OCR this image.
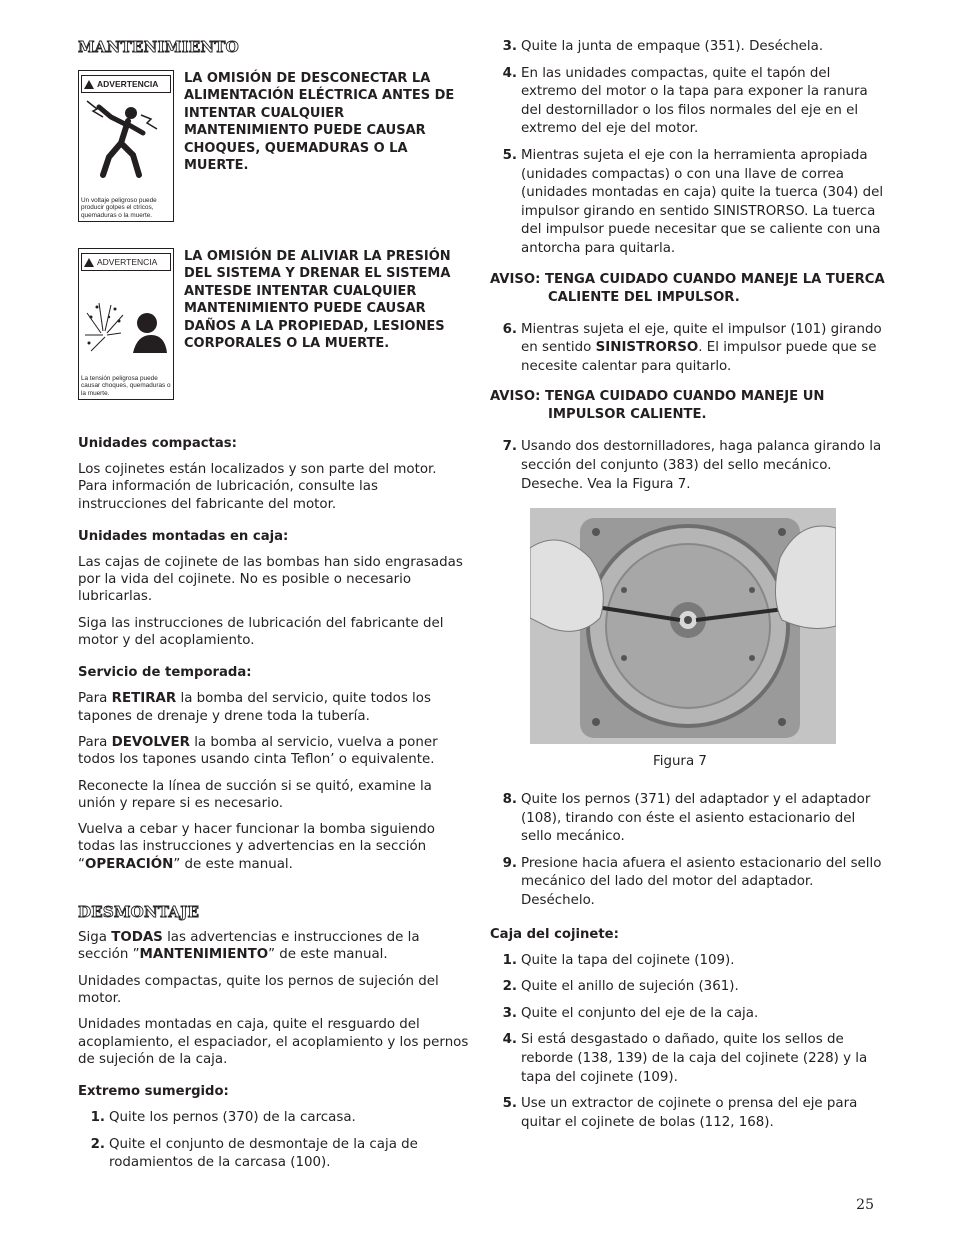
MANTENIMIENTO
ADVERTENCIA
Un voltaje peligroso puede producir golpes el ctricos, quemaduras o la muerte.
LA OMISIÓN DE DESCONECTAR LA ALIMENTACIÓN ELÉCTRICA ANTES DE INTENTAR CUALQUIER MANTENIMIENTO PUEDE CAUSAR CHOQUES, QUEMADURAS O LA MUERTE.
ADVERTENCIA
La tensión peligrosa puede causar choques, quemaduras o la muerte.
LA OMISIÓN DE ALIVIAR LA PRESIÓN DEL SISTEMA Y DRENAR EL SISTEMA ANTESDE INTENTAR CUALQUIER MANTENIMIENTO PUEDE CAUSAR DAÑOS A LA PROPIEDAD, LESIONES CORPORALES O LA MUERTE.
Unidades compactas:

Los cojinetes están localizados y son parte del motor. Para información de lubricación, consulte las instrucciones del fabricante del motor.

Unidades montadas en caja:

Las cajas de cojinete de las bombas han sido engrasadas por la vida del cojinete. No es posible o necesario lubricarlas.

Siga las instrucciones de lubricación del fabricante del motor y del acoplamiento.

Servicio de temporada:

Para RETIRAR la bomba del servicio, quite todos los tapones de drenaje y drene toda la tubería.

Para DEVOLVER la bomba al servicio, vuelva a poner todos los tapones usando cinta Teflon’ o equivalente.

Reconecte la línea de succión si se quitó, examine la unión y repare si es necesario.

Vuelva a cebar y hacer funcionar la bomba siguiendo todas las instrucciones y advertencias en la sección “OPERACIÓN” de este manual.

DESMONTAJE

Siga TODAS las advertencias e instrucciones de la sección ”MANTENIMIENTO” de este manual.

Unidades compactas, quite los pernos de sujeción del motor.

Unidades montadas en caja, quite el resguardo del acoplamiento, el espaciador, el acoplamiento y los pernos de sujeción de la caja.

Extremo sumergido:
1. Quite los pernos (370) de la carcasa.
2. Quite el conjunto de desmontaje de la caja de rodamientos de la carcasa (100).
3. Quite la junta de empaque (351). Deséchela.
4. En las unidades compactas, quite el tapón del extremo del motor o la tapa para exponer la ranura del destornillador o los filos normales del eje en el extremo del eje del motor.
5. Mientras sujeta el eje con la herramienta apropiada (unidades compactas) o con una llave de correa (unidades montadas en caja) quite la tuerca (304) del impulsor girando en sentido SINISTRORSO. La tuerca del impulsor puede necesitar que se caliente con una antorcha para quitarla.
AVISO: TENGA CUIDADO CUANDO MANEJE LA TUERCA CALIENTE DEL IMPULSOR.
6. Mientras sujeta el eje, quite el impulsor (101) girando en sentido SINISTRORSO. El impulsor puede que se necesite calentar para quitarlo.
AVISO: TENGA CUIDADO CUANDO MANEJE UN IMPULSOR CALIENTE.
7. Usando dos destornilladores, haga palanca girando la sección del conjunto (383) del sello mecánico. Deseche. Vea la Figura 7.
Figura 7
8. Quite los pernos (371) del adaptador y el adaptador (108), tirando con éste el asiento estacionario del sello mecánico.
9. Presione hacia afuera el asiento estacionario del sello mecánico del lado del motor del adaptador. Deséchelo.
Caja del cojinete:
1. Quite la tapa del cojinete (109).
2. Quite el anillo de sujeción (361).
3. Quite el conjunto del eje de la caja.
4. Si está desgastado o dañado, quite los sellos de reborde (138, 139) de la caja del cojinete (228) y la tapa del cojinete (109).
5. Use un extractor de cojinete o prensa del eje para quitar el cojinete de bolas (112, 168).
25
